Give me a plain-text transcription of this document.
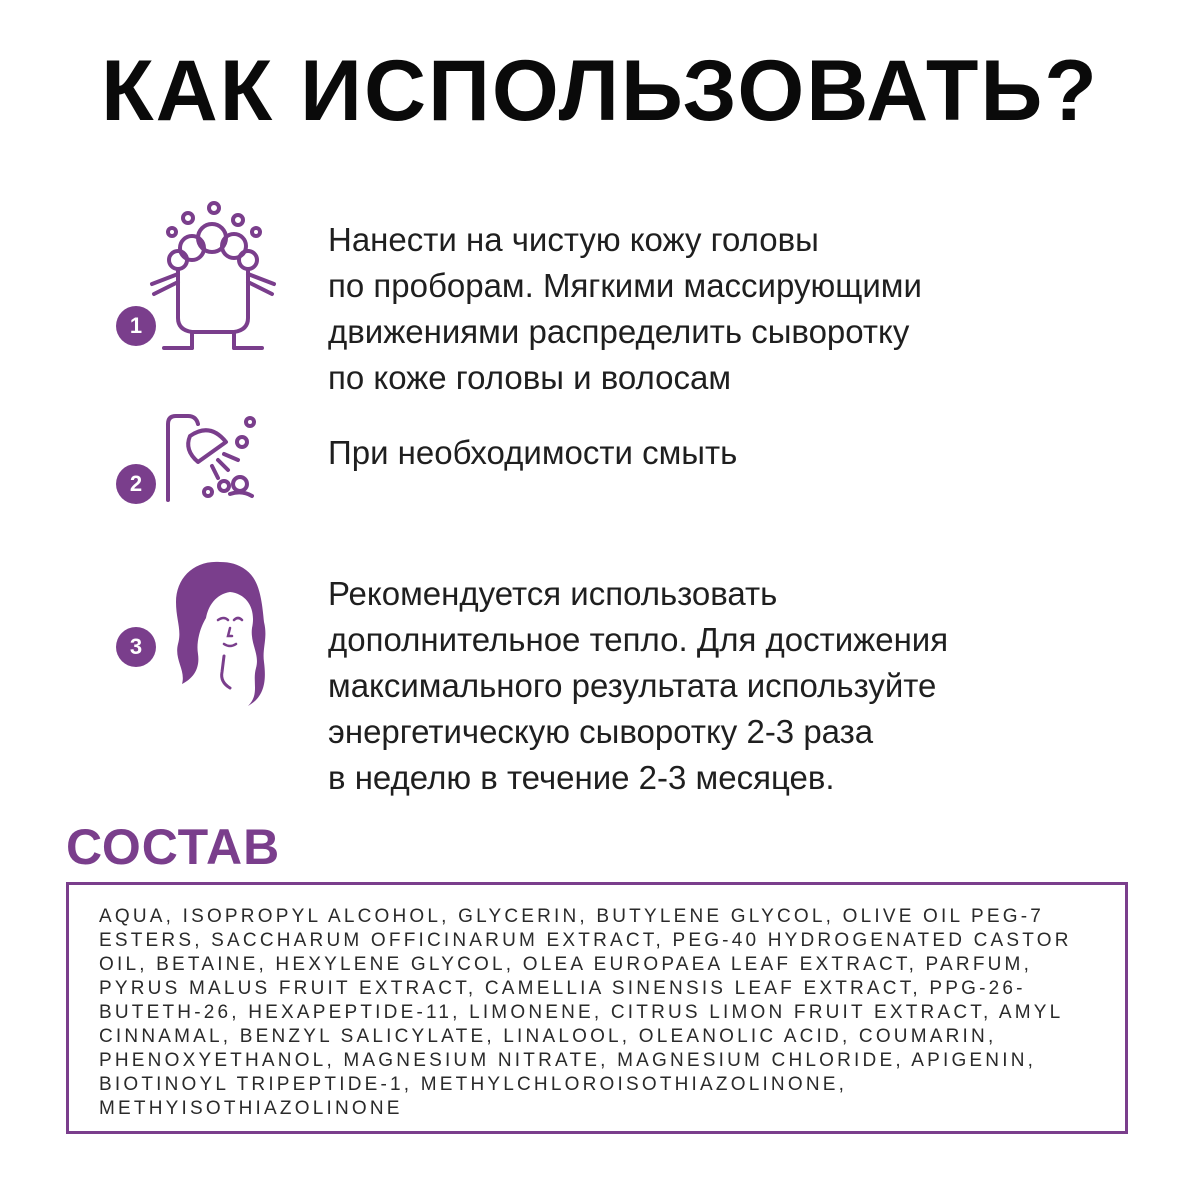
КАК ИСПОЛЬЗОВАТЬ?
1

Нанести на чистую кожу головы
по проборам. Мягкими массирующими
движениями распределить сыворотку
по коже головы и волосам

2

При необходимости смыть

3

Рекомендуется использовать
дополнительное тепло. Для достижения
максимального результата используйте
энергетическую сыворотку 2-3 раза
в неделю в течение 2-3 месяцев.

СОСТАВ

AQUA, ISOPROPYL ALCOHOL, GLYCERIN, BUTYLENE GLYCOL, OLIVE OIL PEG-7 ESTERS, SACCHARUM OFFICINARUM EXTRACT, PEG-40 HYDROGENATED CASTOR OIL, BETAINE, HEXYLENE GLYCOL, OLEA EUROPAEA LEAF EXTRACT, PARFUM, PYRUS MALUS FRUIT EXTRACT, CAMELLIA SINENSIS LEAF EXTRACT, PPG-26-BUTETH-26, HEXAPEPTIDE-11, LIMONENE, CITRUS LIMON FRUIT EXTRACT, AMYL CINNAMAL, BENZYL SALICYLATE, LINALOOL, OLEANOLIC ACID, COUMARIN, PHENOXYETHANOL, MAGNESIUM NITRATE, MAGNESIUM CHLORIDE, APIGENIN, BIOTINOYL TRIPEPTIDE-1, METHYLCHLOROISOTHIAZOLINONE, METHYISOTHIAZOLINONE
